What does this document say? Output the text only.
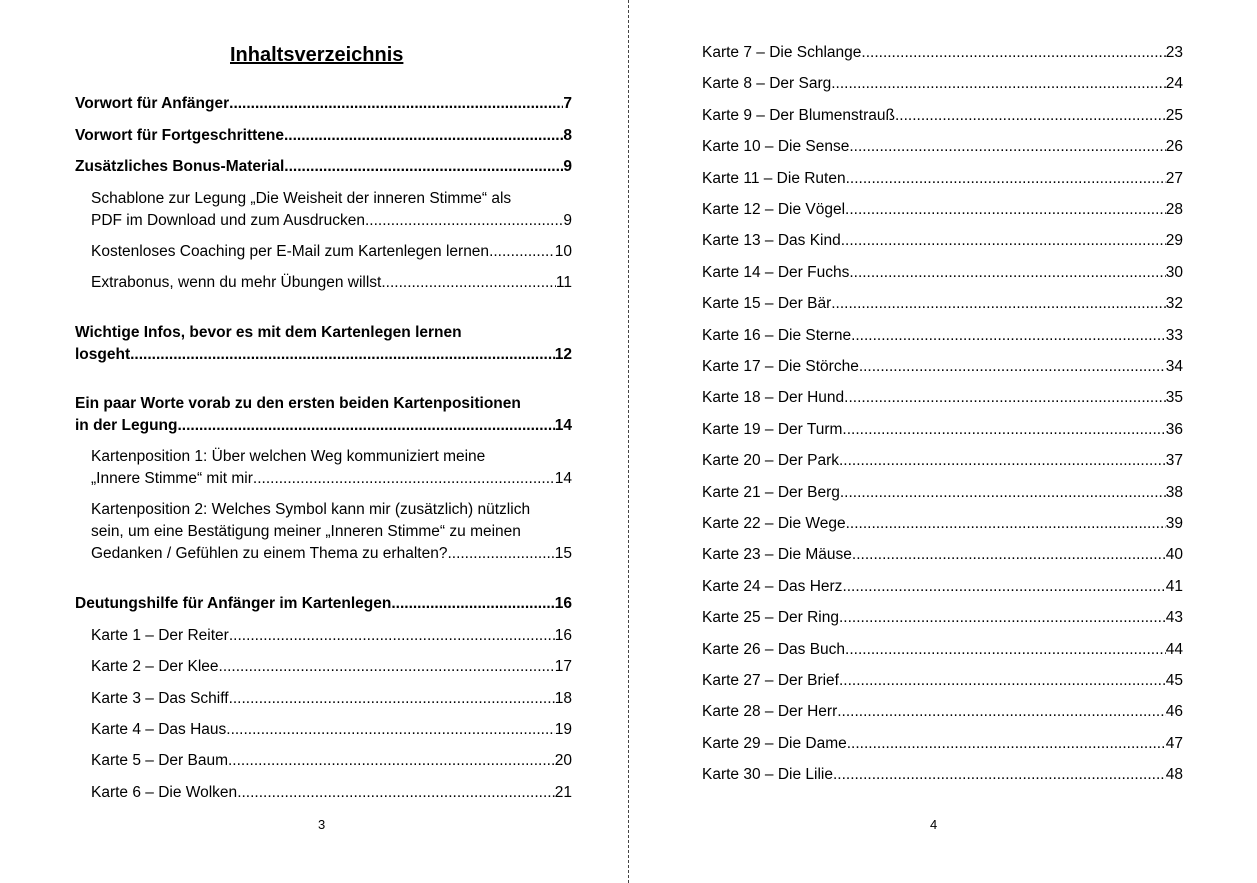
Inhaltsverzeichnis
Vorwort für Anfänger .....	7
Vorwort für Fortgeschrittene .....	8
Zusätzliches Bonus-Material .....	9
Schablone zur Legung „Die Weisheit der inneren Stimme“ als
PDF im Download und zum Ausdrucken .....	9
Kostenloses Coaching per E-Mail zum Kartenlegen lernen .....	10
Extrabonus, wenn du mehr Übungen willst .....	11
Wichtige Infos, bevor es mit dem Kartenlegen lernen
losgeht .....	12
Ein paar Worte vorab zu den ersten beiden Kartenpositionen
in der Legung .....	14
Kartenposition 1: Über welchen Weg kommuniziert meine
„Innere Stimme“ mit mir .....	14
Kartenposition 2: Welches Symbol kann mir (zusätzlich) nützlich
sein, um eine Bestätigung meiner „Inneren Stimme“ zu meinen
Gedanken / Gefühlen zu einem Thema zu erhalten? .....	15
Deutungshilfe für Anfänger im Kartenlegen .....	16
Karte 1 – Der Reiter .....	16
Karte 2 – Der Klee .....	17
Karte 3 – Das Schiff .....	18
Karte 4 – Das Haus .....	19
Karte 5 – Der Baum .....	20
Karte 6 – Die Wolken .....	21
3
Karte 7 – Die Schlange .....	23
Karte 8 – Der Sarg .....	24
Karte 9 – Der Blumenstrauß .....	25
Karte 10 – Die Sense .....	26
Karte 11 – Die Ruten .....	27
Karte 12 – Die Vögel .....	28
Karte 13 – Das Kind .....	29
Karte 14 – Der Fuchs .....	30
Karte 15 – Der Bär .....	32
Karte 16 – Die Sterne .....	33
Karte 17 – Die Störche .....	34
Karte 18 – Der Hund .....	35
Karte 19 – Der Turm .....	36
Karte 20 – Der Park .....	37
Karte 21 – Der Berg .....	38
Karte 22 – Die Wege .....	39
Karte 23 – Die Mäuse .....	40
Karte 24 – Das Herz .....	41
Karte 25 – Der Ring .....	43
Karte 26 – Das Buch .....	44
Karte 27 – Der Brief .....	45
Karte 28 – Der Herr .....	46
Karte 29 – Die Dame .....	47
Karte 30 – Die Lilie .....	48
4
